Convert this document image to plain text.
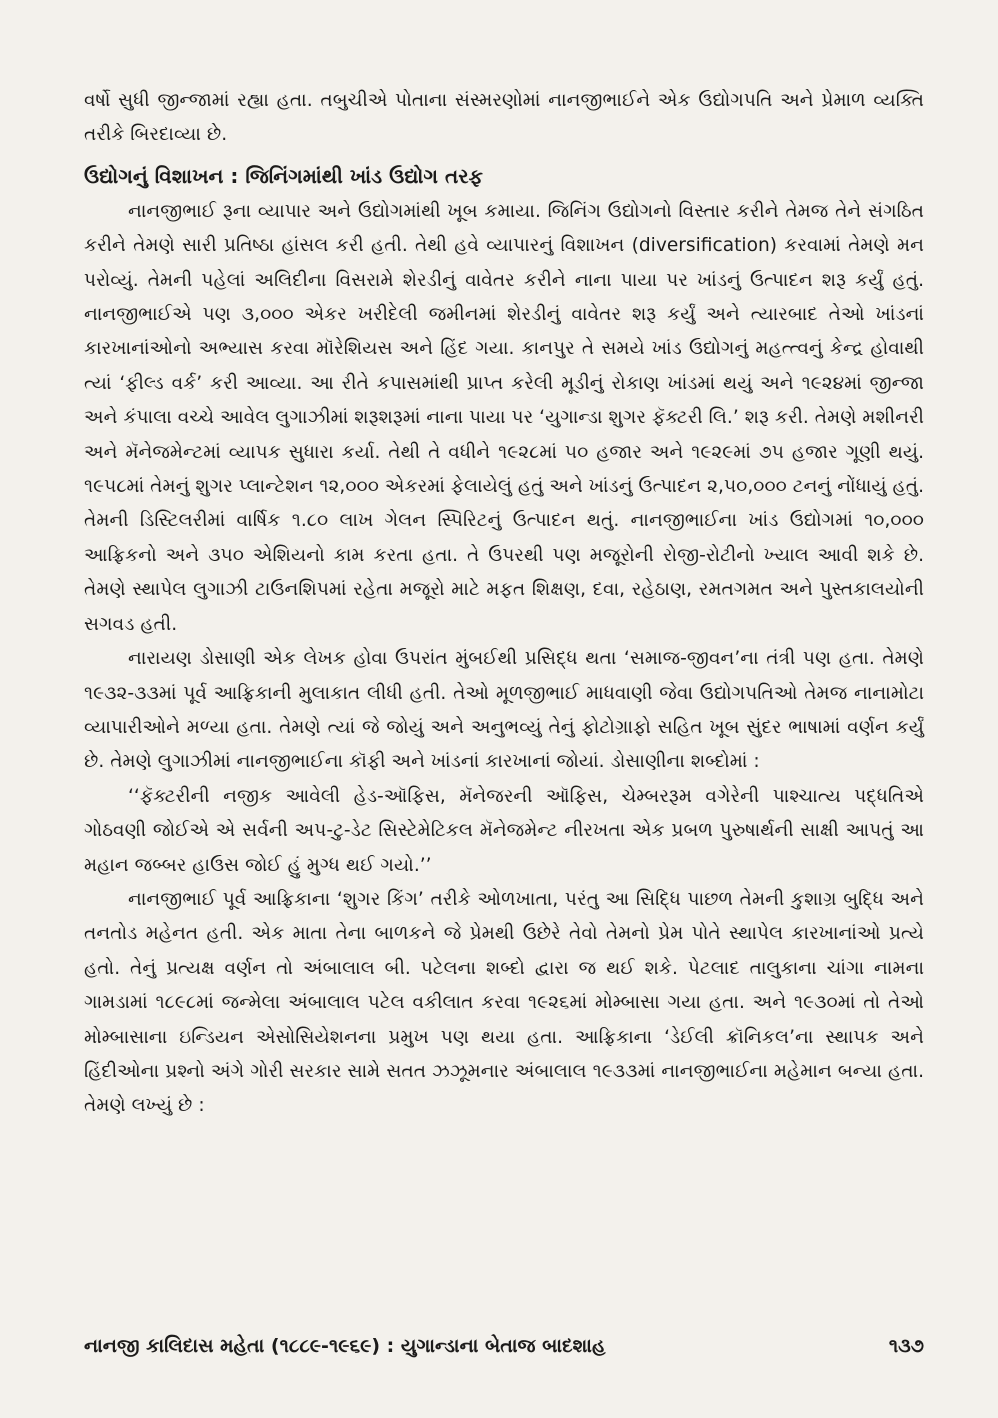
વર્ષો સુધી જીન્જામાં રહ્યા હતા. તબુચીએ પોતાના સંસ્મરણોમાં નાનજીભાઈને એક ઉદ્યોગપતિ અને પ્રેમાળ વ્યક્તિ તરીકે બિરદાવ્યા છે.

ઉદ્યોગનું વિશાખન : જિનિંગમાંથી ખાંડ ઉદ્યોગ તરફ

નાનજીભાઈ રૂના વ્યાપાર અને ઉદ્યોગમાંથી ખૂબ કમાયા. જિનિંગ ઉદ્યોગનો વિસ્તાર કરીને તેમજ તેને સંગઠિત કરીને તેમણે સારી પ્રતિષ્ઠા હાંસલ કરી હતી. તેથી હવે વ્યાપારનું વિશાખન (diversification) કરવામાં તેમણે મન પરોવ્યું. તેમની પહેલાં અલિદીના વિસરામે શેરડીનું વાવેતર કરીને નાના પાયા પર ખાંડનું ઉત્પાદન શરૂ કર્યું હતું. નાનજીભાઈએ પણ ૩,૦૦૦ એકર ખરીદેલી જમીનમાં શેરડીનું વાવેતર શરૂ કર્યું અને ત્યારબાદ તેઓ ખાંડનાં કારખાનાંઓનો અભ્યાસ કરવા મૉરેશિયસ અને હિંદ ગયા. કાનપુર તે સમયે ખાંડ ઉદ્યોગનું મહત્ત્વનું કેન્દ્ર હોવાથી ત્યાં ‘ફીલ્ડ વર્ક’ કરી આવ્યા. આ રીતે કપાસમાંથી પ્રાપ્ત કરેલી મૂડીનું રોકાણ ખાંડમાં થયું અને ૧૯૨૪માં જીન્જા અને કંપાલા વચ્ચે આવેલ લુગાઝીમાં શરૂશરૂમાં નાના પાયા પર ‘યુગાન્ડા શુગર ફૅક્ટરી લિ.’ શરૂ કરી. તેમણે મશીનરી અને મૅનેજમેન્ટમાં વ્યાપક સુધારા કર્યા. તેથી તે વધીને ૧૯૨૮માં ૫૦ હજાર અને ૧૯૨૯માં ૭૫ હજાર ગૂણી થયું. ૧૯૫૮માં તેમનું શુગર પ્લાન્ટેશન ૧૨,૦૦૦ એકરમાં ફેલાયેલું હતું અને ખાંડનું ઉત્પાદન ૨,૫૦,૦૦૦ ટનનું નોંધાયું હતું. તેમની ડિસ્ટિલરીમાં વાર્ષિક ૧.૮૦ લાખ ગેલન સ્પિરિટનું ઉત્પાદન થતું. નાનજીભાઈના ખાંડ ઉદ્યોગમાં ૧૦,૦૦૦ આફ્રિકનો અને ૩૫૦ એશિયનો કામ કરતા હતા. તે ઉપરથી પણ મજૂરોની રોજી-રોટીનો ખ્યાલ આવી શકે છે. તેમણે સ્થાપેલ લુગાઝી ટાઉનશિપમાં રહેતા મજૂરો માટે મફત શિક્ષણ, દવા, રહેઠાણ, રમતગમત અને પુસ્તકાલયોની સગવડ હતી.

નારાયણ ડોસાણી એક લેખક હોવા ઉપરાંત મુંબઈથી પ્રસિદ્ધ થતા ‘સમાજ-જીવન’ના તંત્રી પણ હતા. તેમણે ૧૯૩૨-૩૩માં પૂર્વ આફ્રિકાની મુલાકાત લીધી હતી. તેઓ મૂળજીભાઈ માધવાણી જેવા ઉદ્યોગપતિઓ તેમજ નાનામોટા વ્યાપારીઓને મળ્યા હતા. તેમણે ત્યાં જે જોયું અને અનુભવ્યું તેનું ફોટોગ્રાફો સહિત ખૂબ સુંદર ભાષામાં વર્ણન કર્યું છે. તેમણે લુગાઝીમાં નાનજીભાઈના કૉફી અને ખાંડનાં કારખાનાં જોયાં. ડોસાણીના શબ્દોમાં :

‘‘ફૅક્ટરીની નજીક આવેલી હેડ-ઑફિસ, મૅનેજરની ઑફિસ, ચેમ્બરરૂમ વગેરેની પાશ્ચાત્ય પદ્ધતિએ ગોઠવણી જોઈએ એ સર્વની અપ-ટુ-ડેટ સિસ્ટેમેટિકલ મૅનેજમેન્ટ નીરખતા એક પ્રબળ પુરુષાર્થની સાક્ષી આપતું આ મહાન જબ્બર હાઉસ જોઈ હું મુગ્ધ થઈ ગયો.’’

નાનજીભાઈ પૂર્વ આફ્રિકાના ‘શુગર કિંગ’ તરીકે ઓળખાતા, પરંતુ આ સિદ્ધિ પાછળ તેમની કુશાગ્ર બુદ્ધિ અને તનતોડ મહેનત હતી. એક માતા તેના બાળકને જે પ્રેમથી ઉછેરે તેવો તેમનો પ્રેમ પોતે સ્થાપેલ કારખાનાંઓ પ્રત્યે હતો. તેનું પ્રત્યક્ષ વર્ણન તો અંબાલાલ બી. પટેલના શબ્દો દ્વારા જ થઈ શકે. પેટલાદ તાલુકાના ચાંગા નામના ગામડામાં ૧૮૯૮માં જન્મેલા અંબાલાલ પટેલ વકીલાત કરવા ૧૯૨૬માં મોમ્બાસા ગયા હતા. અને ૧૯૩૦માં તો તેઓ મોમ્બાસાના ઇન્ડિયન એસોસિયેશનના પ્રમુખ પણ થયા હતા. આફ્રિકાના ‘ડેઈલી ક્રૉનિકલ’ના સ્થાપક અને હિંદીઓના પ્રશ્નો અંગે ગોરી સરકાર સામે સતત ઝઝૂમનાર અંબાલાલ ૧૯૩૩માં નાનજીભાઈના મહેમાન બન્યા હતા. તેમણે લખ્યું છે :

નાનજી કાલિદાસ મહેતા (૧૮૮૯-૧૯૬૯) : યુગાન્ડાના બેતાજ બાદશાહ	૧૩૭
